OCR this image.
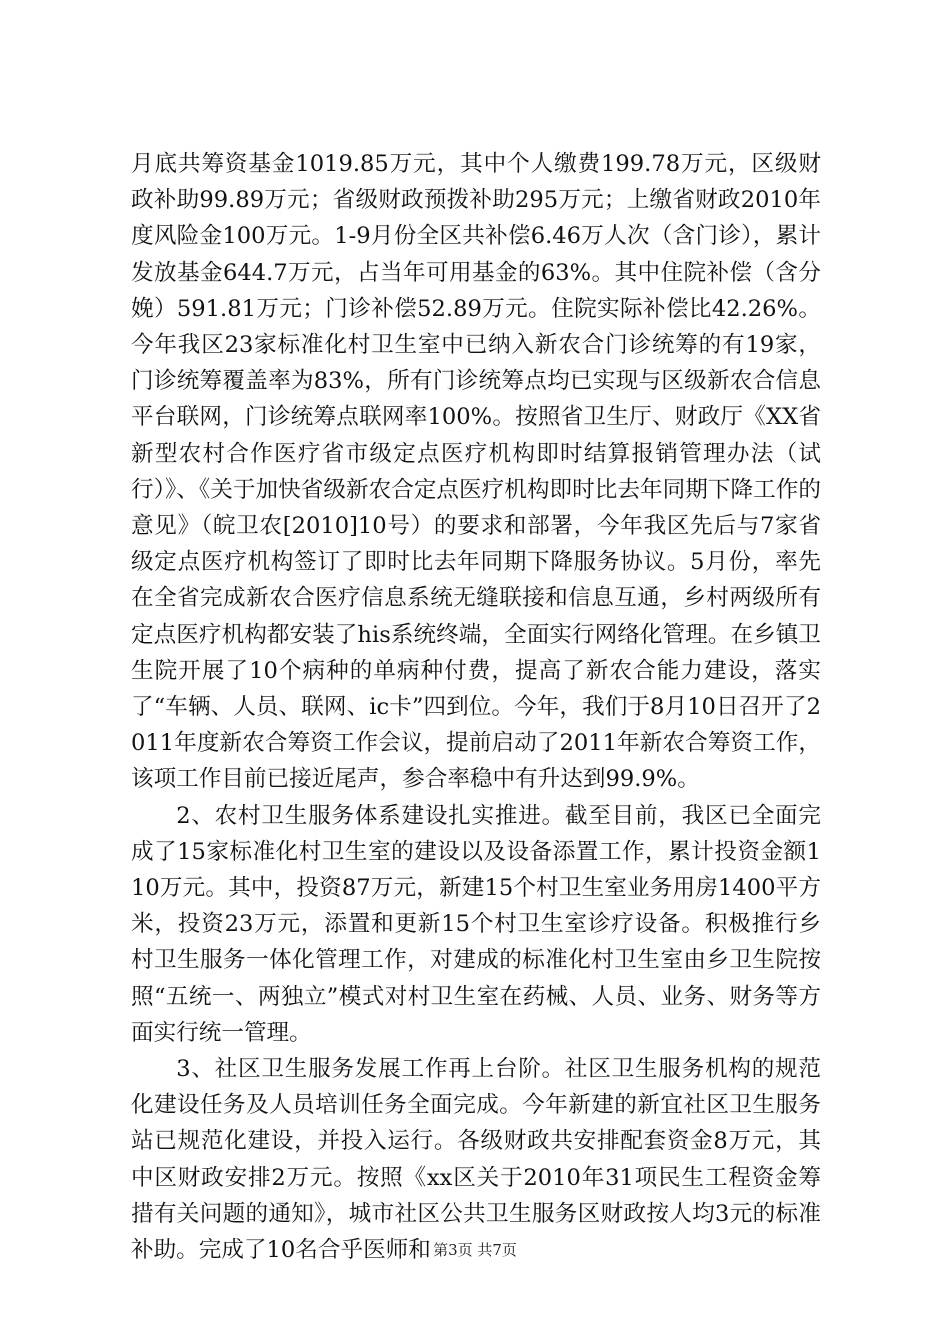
月底共筹资基金1019.85万元，其中个人缴费199.78万元，区级财政补助99.89万元；省级财政预拨补助295万元；上缴省财政2010年度风险金100万元。1-9月份全区共补偿6.46万人次（含门诊），累计发放基金644.7万元，占当年可用基金的63%。其中住院补偿（含分娩）591.81万元；门诊补偿52.89万元。住院实际补偿比42.26%。今年我区23家标准化村卫生室中已纳入新农合门诊统筹的有19家，门诊统筹覆盖率为83%，所有门诊统筹点均已实现与区级新农合信息平台联网，门诊统筹点联网率100%。按照省卫生厅、财政厅《XX省新型农村合作医疗省市级定点医疗机构即时结算报销管理办法（试行）》、《关于加快省级新农合定点医疗机构即时比去年同期下降工作的意见》（皖卫农[2010]10号）的要求和部署，今年我区先后与7家省级定点医疗机构签订了即时比去年同期下降服务协议。5月份，率先在全省完成新农合医疗信息系统无缝联接和信息互通，乡村两级所有定点医疗机构都安装了his系统终端，全面实行网络化管理。在乡镇卫生院开展了10个病种的单病种付费，提高了新农合能力建设，落实了“车辆、人员、联网、ic卡”四到位。今年，我们于8月10日召开了2011年度新农合筹资工作会议，提前启动了2011年新农合筹资工作，该项工作目前已接近尾声，参合率稳中有升达到99.9%。

2、农村卫生服务体系建设扎实推进。截至目前，我区已全面完成了15家标准化村卫生室的建设以及设备添置工作，累计投资金额110万元。其中，投资87万元，新建15个村卫生室业务用房1400平方米，投资23万元，添置和更新15个村卫生室诊疗设备。积极推行乡村卫生服务一体化管理工作，对建成的标准化村卫生室由乡卫生院按照“五统一、两独立”模式对村卫生室在药械、人员、业务、财务等方面实行统一管理。

3、社区卫生服务发展工作再上台阶。社区卫生服务机构的规范化建设任务及人员培训任务全面完成。今年新建的新宜社区卫生服务站已规范化建设，并投入运行。各级财政共安排配套资金8万元，其中区财政安排2万元。按照《xx区关于2010年31项民生工程资金筹措有关问题的通知》，城市社区公共卫生服务区财政按人均3元的标准补助。完成了10名合乎医师和 第3页 共7页
